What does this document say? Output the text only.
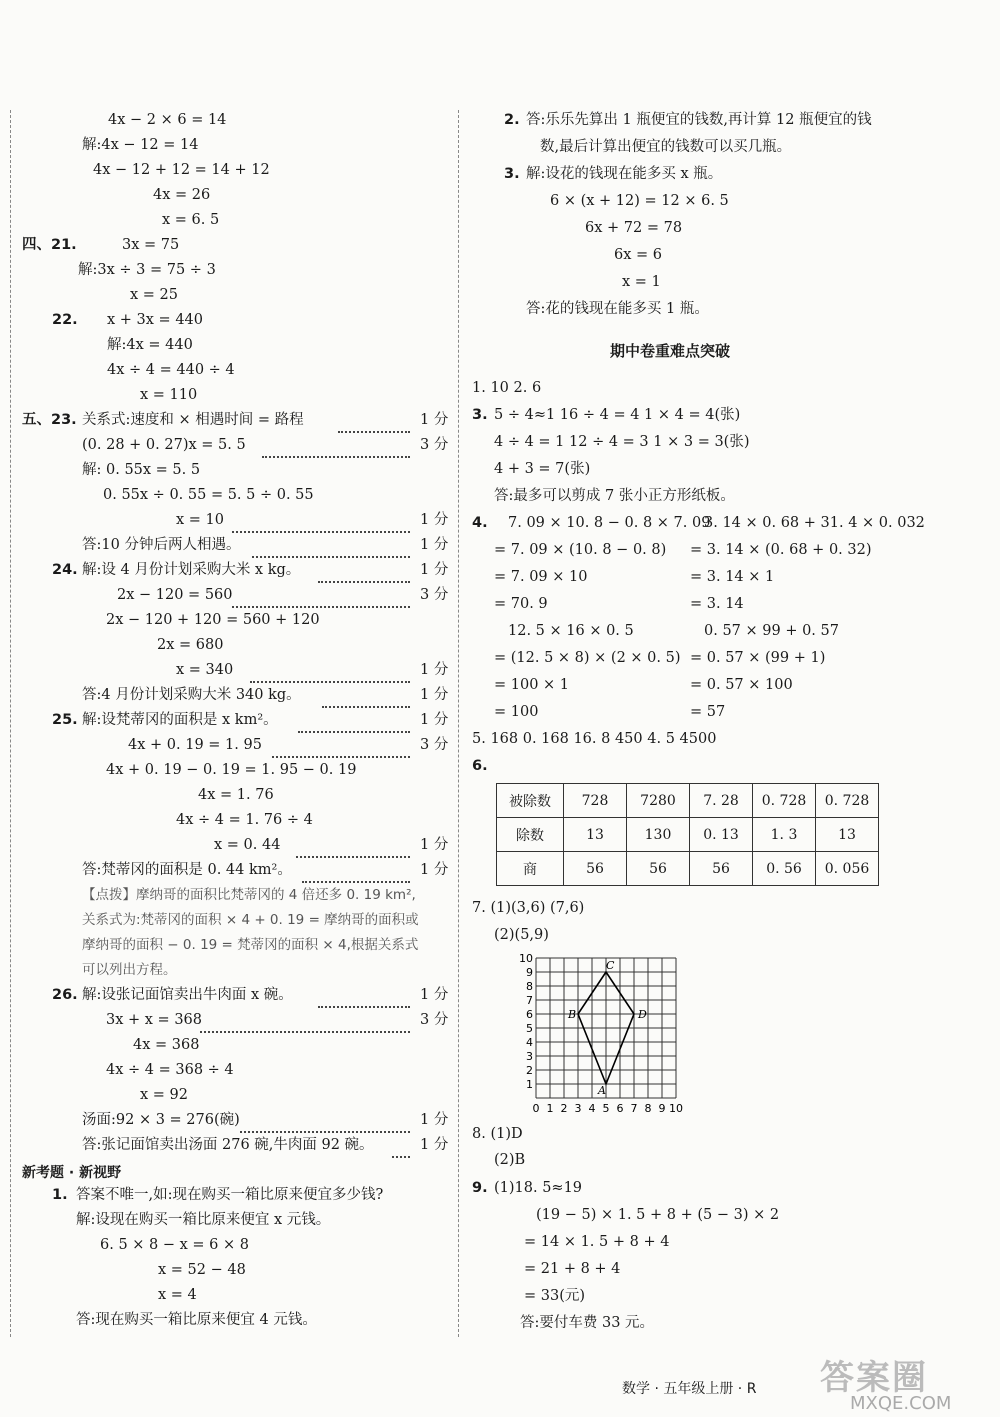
4x − 2 × 6 = 14
解:4x − 12 = 14
4x − 12 + 12 = 14 + 12
4x = 26
x = 6. 5
四、21.	3x = 75
解:3x ÷ 3 = 75 ÷ 3
x = 25
22. x + 3x = 440
解:4x = 440
4x ÷ 4 = 440 ÷ 4
x = 110
五、23. 关系式:速度和 × 相遇时间 = 路程	1 分
(0. 28 + 0. 27)x = 5. 5	3 分
解: 0. 55x = 5. 5
0. 55x ÷ 0. 55 = 5. 5 ÷ 0. 55
x = 10	1 分
答:10 分钟后两人相遇。	1 分
24. 解:设 4 月份计划采购大米 x kg。	1 分
2x − 120 = 560	3 分
2x − 120 + 120 = 560 + 120
2x = 680
x = 340	1 分
答:4 月份计划采购大米 340 kg。	1 分
25. 解:设梵蒂冈的面积是 x km²。	1 分
4x + 0. 19 = 1. 95	3 分
4x + 0. 19 − 0. 19 = 1. 95 − 0. 19
4x = 1. 76
4x ÷ 4 = 1. 76 ÷ 4
x = 0. 44	1 分
答:梵蒂冈的面积是 0. 44 km²。	1 分
【点拨】摩纳哥的面积比梵蒂冈的 4 倍还多 0. 19 km²,
关系式为:梵蒂冈的面积 × 4 + 0. 19 = 摩纳哥的面积或
摩纳哥的面积 − 0. 19 = 梵蒂冈的面积 × 4,根据关系式
可以列出方程。
26. 解:设张记面馆卖出牛肉面 x 碗。	1 分
3x + x = 368	3 分
4x = 368
4x ÷ 4 = 368 ÷ 4
x = 92
汤面:92 × 3 = 276(碗)	1 分
答:张记面馆卖出汤面 276 碗,牛肉面 92 碗。	1 分
新考题 · 新视野
1. 答案不唯一,如:现在购买一箱比原来便宜多少钱?
解:设现在购买一箱比原来便宜 x 元钱。
6. 5 × 8 − x = 6 × 8
x = 52 − 48
x = 4
答:现在购买一箱比原来便宜 4 元钱。
2. 答:乐乐先算出 1 瓶便宜的钱数,再计算 12 瓶便宜的钱
数,最后计算出便宜的钱数可以买几瓶。
3. 解:设花的钱现在能多买 x 瓶。
6 × (x + 12) = 12 × 6. 5
6x + 72 = 78
6x = 6
x = 1
答:花的钱现在能多买 1 瓶。
期中卷重难点突破
1. 10 2. 6
3. 5 ÷ 4≈1 16 ÷ 4 = 4 1 × 4 = 4(张)
4 ÷ 4 = 1 12 ÷ 4 = 3 1 × 3 = 3(张)
4 + 3 = 7(张)
答:最多可以剪成 7 张小正方形纸板。
4. 7. 09 × 10. 8 − 0. 8 × 7. 09
= 7. 09 × (10. 8 − 0. 8)
= 7. 09 × 10
= 70. 9
3. 14 × 0. 68 + 31. 4 × 0. 032
= 3. 14 × (0. 68 + 0. 32)
= 3. 14 × 1
= 3. 14
12. 5 × 16 × 0. 5
= (12. 5 × 8) × (2 × 0. 5)
= 100 × 1
= 100
0. 57 × 99 + 0. 57
= 0. 57 × (99 + 1)
= 0. 57 × 100
= 57
5. 168 0. 168 16. 8 450 4. 5 4500
6.
被除数	728	7280	7. 28	0. 728	0. 728
除数	13	130	0. 13	1. 3	13
商	56	56	56	0. 56	0. 056
7. (1)(3,6) (7,6)
(2)(5,9)
0 1 2 3 4 5 6 7 8 9 10
1
2
3
4
5
6
7
8
9
10
A
B
C
D
8. (1)D
(2)B
9. (1)18. 5≈19
(19 − 5) × 1. 5 + 8 + (5 − 3) × 2
= 14 × 1. 5 + 8 + 4
= 21 + 8 + 4
= 33(元)
答:要付车费 33 元。
数学 · 五年级上册 · R 答案圈
MXQE.COM
